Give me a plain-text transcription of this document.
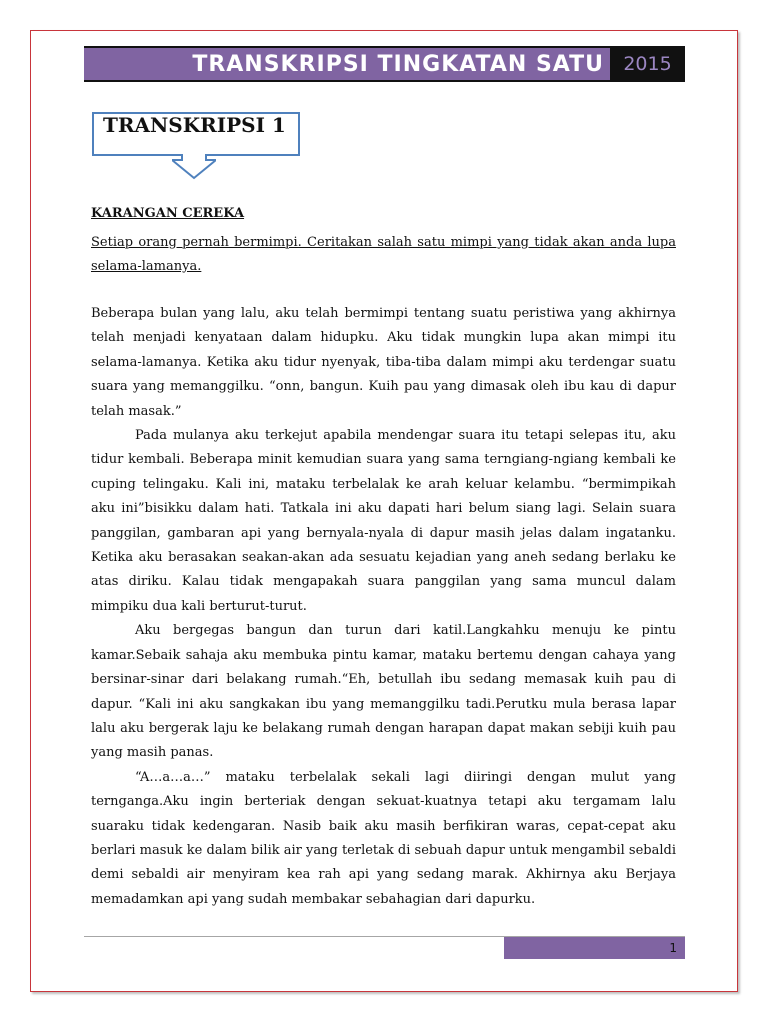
TRANSKRIPSI TINGKATAN SATU 2015
TRANSKRIPSI 1
KARANGAN CEREKA
Setiap orang pernah bermimpi. Ceritakan salah satu mimpi yang tidak akan anda lupa selama-lamanya.

Beberapa bulan yang lalu, aku telah bermimpi tentang suatu peristiwa yang akhirnya telah menjadi kenyataan dalam hidupku. Aku tidak mungkin lupa akan mimpi itu selama-lamanya. Ketika aku tidur nyenyak, tiba-tiba dalam mimpi aku terdengar suatu suara yang memanggilku. “onn, bangun. Kuih pau yang dimasak oleh ibu kau di dapur telah masak.”

Pada mulanya aku terkejut apabila mendengar suara itu tetapi selepas itu, aku tidur kembali. Beberapa minit kemudian suara yang sama terngiang-ngiang kembali ke cuping telingaku. Kali ini, mataku terbelalak ke arah keluar kelambu. “bermimpikah aku ini”bisikku dalam hati. Tatkala ini aku dapati hari belum siang lagi. Selain suara panggilan, gambaran api yang bernyala-nyala di dapur masih jelas dalam ingatanku. Ketika aku berasakan seakan-akan ada sesuatu kejadian yang aneh sedang berlaku ke atas diriku. Kalau tidak mengapakah suara panggilan yang sama muncul dalam mimpiku dua kali berturut-turut.

Aku bergegas bangun dan turun dari katil.Langkahku menuju ke pintu kamar.Sebaik sahaja aku membuka pintu kamar, mataku bertemu dengan cahaya yang bersinar-sinar dari belakang rumah.“Eh, betullah ibu sedang memasak kuih pau di dapur. “Kali ini aku sangkakan ibu yang memanggilku tadi.Perutku mula berasa lapar lalu aku bergerak laju ke belakang rumah dengan harapan dapat makan sebiji kuih pau yang masih panas.

“A…a…a…” mataku terbelalak sekali lagi diiringi dengan mulut yang ternganga.Aku ingin berteriak dengan sekuat-kuatnya tetapi aku tergamam lalu suaraku tidak kedengaran. Nasib baik aku masih berfikiran waras, cepat-cepat aku berlari masuk ke dalam bilik air yang terletak di sebuah dapur untuk mengambil sebaldi demi sebaldi air menyiram kea rah api yang sedang marak. Akhirnya aku Berjaya memadamkan api yang sudah membakar sebahagian dari dapurku.

1
